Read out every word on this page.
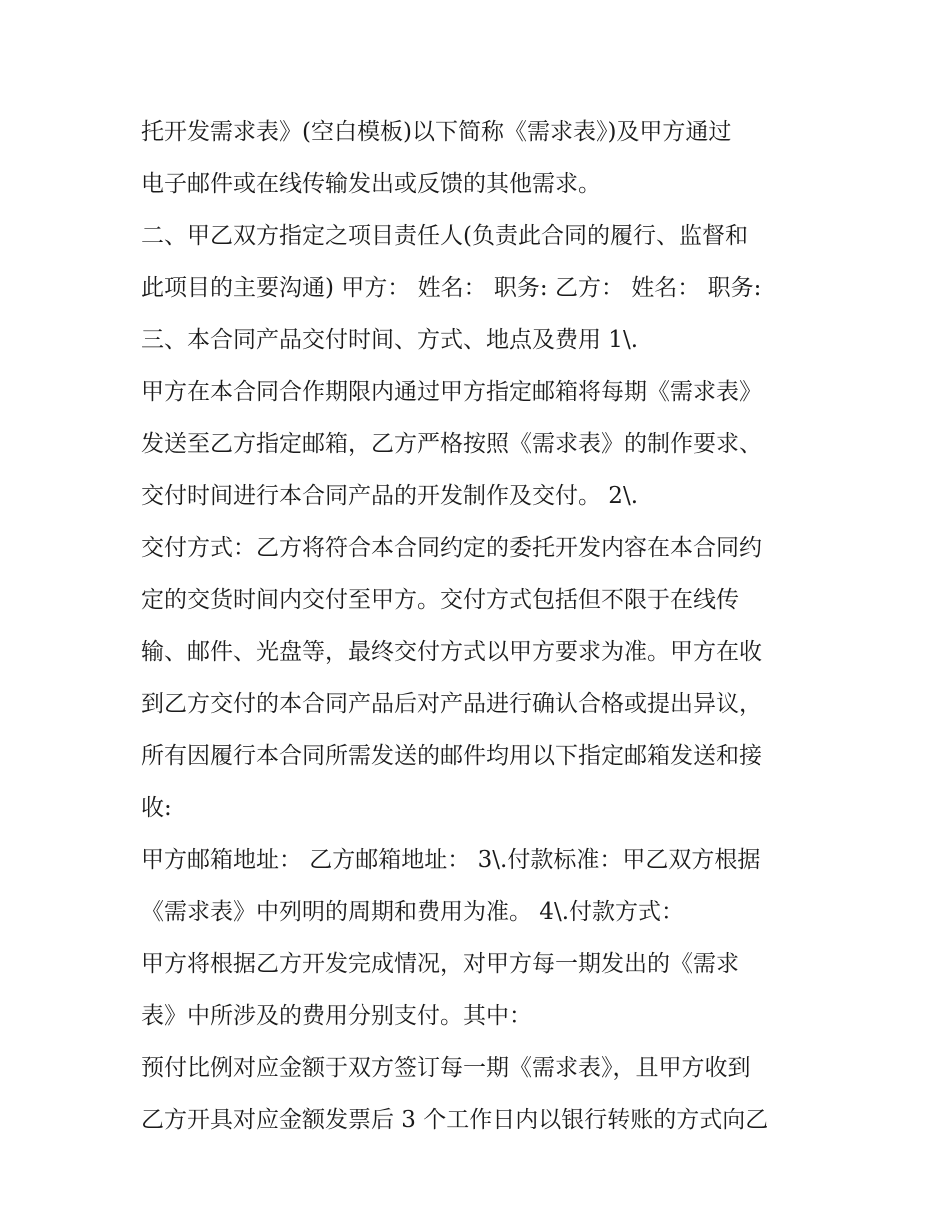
托开发需求表》(空白模板)以下简称《需求表》)及甲方通过
电子邮件或在线传输发出或反馈的其他需求。
二、甲乙双方指定之项目责任人(负责此合同的履行、监督和
此项目的主要沟通) 甲方： 姓名： 职务: 乙方： 姓名： 职务:
三、本合同产品交付时间、方式、地点及费用 1\.
甲方在本合同合作期限内通过甲方指定邮箱将每期《需求表》
发送至乙方指定邮箱，乙方严格按照《需求表》的制作要求、
交付时间进行本合同产品的开发制作及交付。 2\.
交付方式：乙方将符合本合同约定的委托开发内容在本合同约
定的交货时间内交付至甲方。交付方式包括但不限于在线传
输、邮件、光盘等，最终交付方式以甲方要求为准。甲方在收
到乙方交付的本合同产品后对产品进行确认合格或提出异议，
所有因履行本合同所需发送的邮件均用以下指定邮箱发送和接
收:
甲方邮箱地址： 乙方邮箱地址： 3\.付款标准：甲乙双方根据
《需求表》中列明的周期和费用为准。 4\.付款方式：
甲方将根据乙方开发完成情况，对甲方每一期发出的《需求
表》中所涉及的费用分别支付。其中：
预付比例对应金额于双方签订每一期《需求表》，且甲方收到
乙方开具对应金额发票后 3 个工作日内以银行转账的方式向乙
